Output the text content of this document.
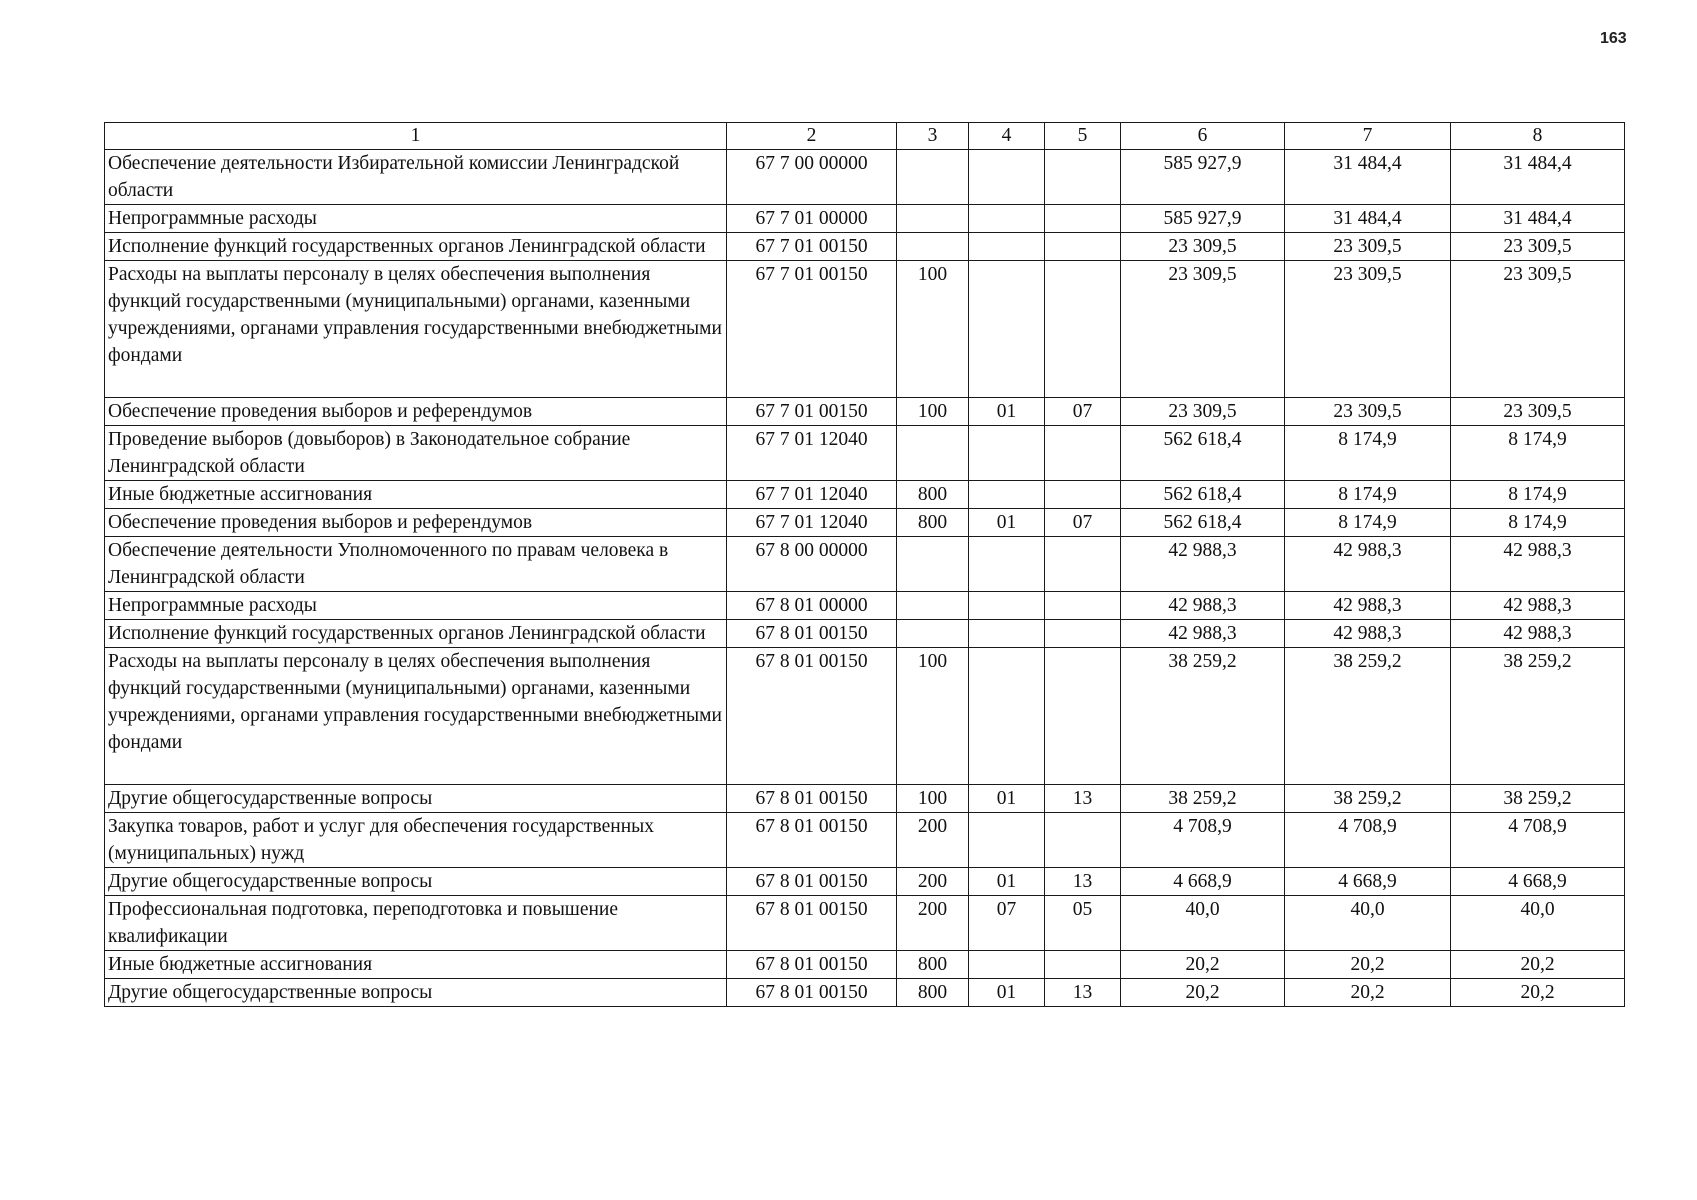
163
1	2	3	4	5	6	7	8
Обеспечение деятельности Избирательной комиссии Ленинградской области	67 7 00 00000				585 927,9	31 484,4	31 484,4
Непрограммные расходы	67 7 01 00000				585 927,9	31 484,4	31 484,4
Исполнение функций государственных органов Ленинградской области	67 7 01 00150				23 309,5	23 309,5	23 309,5
Расходы на выплаты персоналу в целях обеспечения выполнения функций государственными (муниципальными) органами, казенными учреждениями, органами управления государственными внебюджетными фондами	67 7 01 00150	100			23 309,5	23 309,5	23 309,5
Обеспечение проведения выборов и референдумов	67 7 01 00150	100	01	07	23 309,5	23 309,5	23 309,5
Проведение выборов (довыборов) в Законодательное собрание Ленинградской области	67 7 01 12040				562 618,4	8 174,9	8 174,9
Иные бюджетные ассигнования	67 7 01 12040	800			562 618,4	8 174,9	8 174,9
Обеспечение проведения выборов и референдумов	67 7 01 12040	800	01	07	562 618,4	8 174,9	8 174,9
Обеспечение деятельности Уполномоченного по правам человека в Ленинградской области	67 8 00 00000				42 988,3	42 988,3	42 988,3
Непрограммные расходы	67 8 01 00000				42 988,3	42 988,3	42 988,3
Исполнение функций государственных органов Ленинградской области	67 8 01 00150				42 988,3	42 988,3	42 988,3
Расходы на выплаты персоналу в целях обеспечения выполнения функций государственными (муниципальными) органами, казенными учреждениями, органами управления государственными внебюджетными фондами	67 8 01 00150	100			38 259,2	38 259,2	38 259,2
Другие общегосударственные вопросы	67 8 01 00150	100	01	13	38 259,2	38 259,2	38 259,2
Закупка товаров, работ и услуг для обеспечения государственных (муниципальных) нужд	67 8 01 00150	200			4 708,9	4 708,9	4 708,9
Другие общегосударственные вопросы	67 8 01 00150	200	01	13	4 668,9	4 668,9	4 668,9
Профессиональная подготовка, переподготовка и повышение квалификации	67 8 01 00150	200	07	05	40,0	40,0	40,0
Иные бюджетные ассигнования	67 8 01 00150	800			20,2	20,2	20,2
Другие общегосударственные вопросы	67 8 01 00150	800	01	13	20,2	20,2	20,2
